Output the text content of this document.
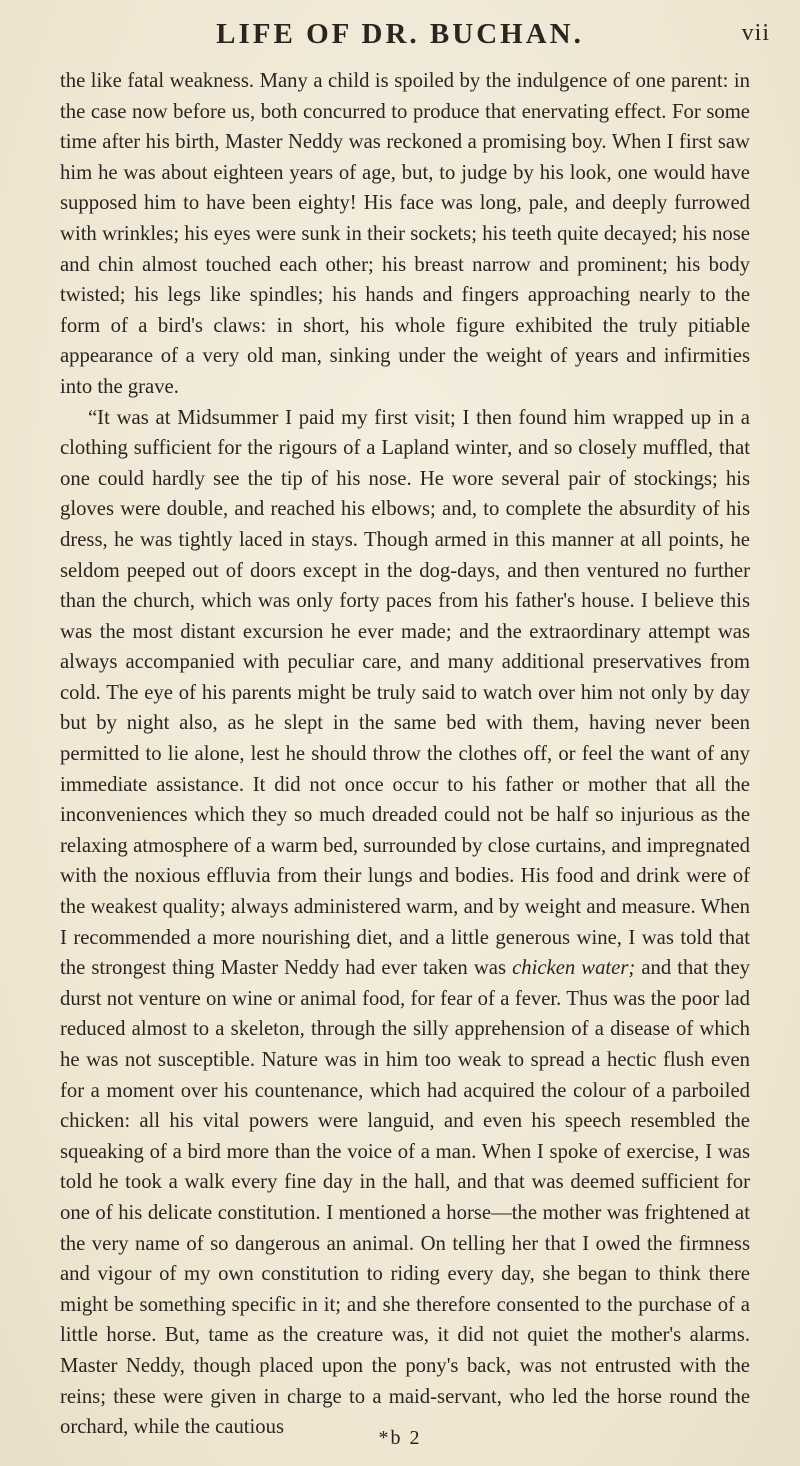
LIFE OF DR. BUCHAN.	vii

the like fatal weakness. Many a child is spoiled by the indulgence of one parent: in the case now before us, both concurred to produce that enervating effect. For some time after his birth, Master Neddy was reckoned a promising boy. When I first saw him he was about eighteen years of age, but, to judge by his look, one would have supposed him to have been eighty! His face was long, pale, and deeply furrowed with wrinkles; his eyes were sunk in their sockets; his teeth quite decayed; his nose and chin almost touched each other; his breast narrow and prominent; his body twisted; his legs like spindles; his hands and fingers approaching nearly to the form of a bird's claws: in short, his whole figure exhibited the truly pitiable appearance of a very old man, sinking under the weight of years and infirmities into the grave.

“It was at Midsummer I paid my first visit; I then found him wrapped up in a clothing sufficient for the rigours of a Lapland winter, and so closely muffled, that one could hardly see the tip of his nose. He wore several pair of stockings; his gloves were double, and reached his elbows; and, to complete the absurdity of his dress, he was tightly laced in stays. Though armed in this manner at all points, he seldom peeped out of doors except in the dog-days, and then ventured no further than the church, which was only forty paces from his father's house. I believe this was the most distant excursion he ever made; and the extraordinary attempt was always accompanied with peculiar care, and many additional preservatives from cold. The eye of his parents might be truly said to watch over him not only by day but by night also, as he slept in the same bed with them, having never been permitted to lie alone, lest he should throw the clothes off, or feel the want of any immediate assistance. It did not once occur to his father or mother that all the inconveniences which they so much dreaded could not be half so injurious as the relaxing atmosphere of a warm bed, surrounded by close curtains, and impregnated with the noxious effluvia from their lungs and bodies. His food and drink were of the weakest quality; always administered warm, and by weight and measure. When I recommended a more nourishing diet, and a little generous wine, I was told that the strongest thing Master Neddy had ever taken was chicken water; and that they durst not venture on wine or animal food, for fear of a fever. Thus was the poor lad reduced almost to a skeleton, through the silly apprehension of a disease of which he was not susceptible. Nature was in him too weak to spread a hectic flush even for a moment over his countenance, which had acquired the colour of a parboiled chicken: all his vital powers were languid, and even his speech resembled the squeaking of a bird more than the voice of a man. When I spoke of exercise, I was told he took a walk every fine day in the hall, and that was deemed sufficient for one of his delicate constitution. I mentioned a horse—the mother was frightened at the very name of so dangerous an animal. On telling her that I owed the firmness and vigour of my own constitution to riding every day, she began to think there might be something specific in it; and she therefore consented to the purchase of a little horse. But, tame as the creature was, it did not quiet the mother's alarms. Master Neddy, though placed upon the pony's back, was not entrusted with the reins; these were given in charge to a maid-servant, who led the horse round the orchard, while the cautious	*b 2
